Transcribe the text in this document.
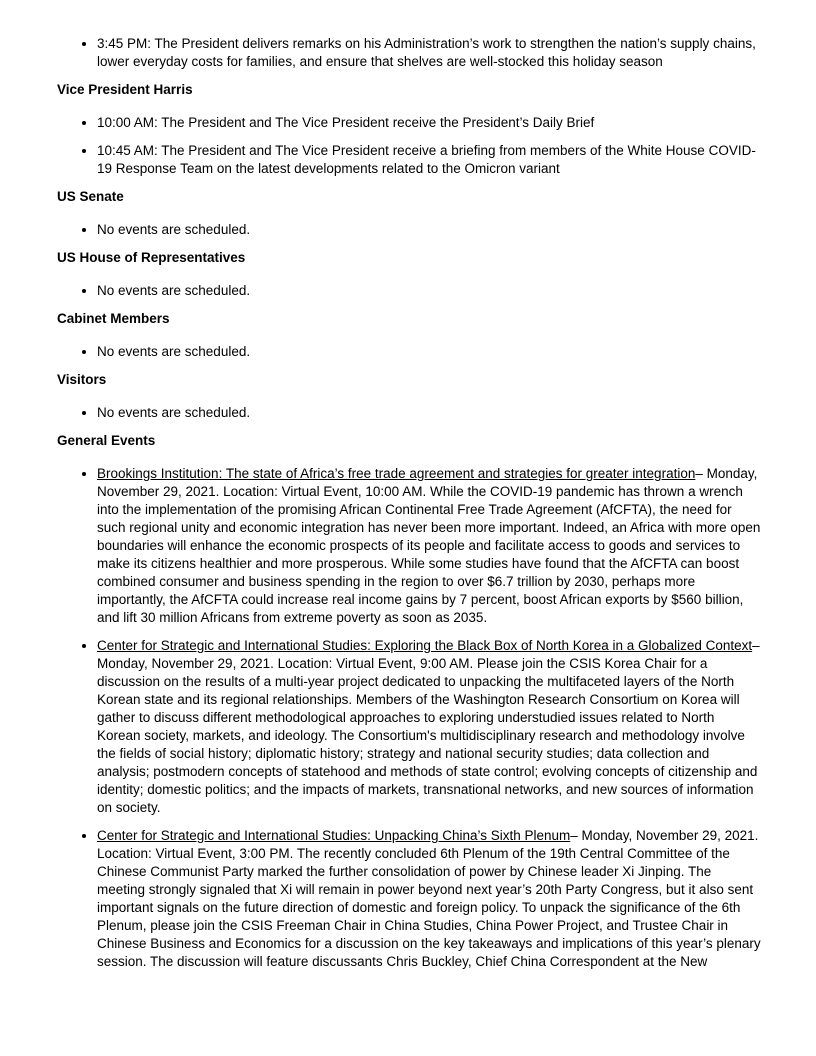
• 3:45 PM: The President delivers remarks on his Administration’s work to strengthen the nation’s supply chains, lower everyday costs for families, and ensure that shelves are well-stocked this holiday season
Vice President Harris
• 10:00 AM: The President and The Vice President receive the President’s Daily Brief
• 10:45 AM: The President and The Vice President receive a briefing from members of the White House COVID-19 Response Team on the latest developments related to the Omicron variant
US Senate
• No events are scheduled.
US House of Representatives
• No events are scheduled.
Cabinet Members
• No events are scheduled.
Visitors
• No events are scheduled.
General Events
• Brookings Institution: The state of Africa’s free trade agreement and strategies for greater integration– Monday, November 29, 2021. Location: Virtual Event, 10:00 AM. While the COVID-19 pandemic has thrown a wrench into the implementation of the promising African Continental Free Trade Agreement (AfCFTA), the need for such regional unity and economic integration has never been more important. Indeed, an Africa with more open boundaries will enhance the economic prospects of its people and facilitate access to goods and services to make its citizens healthier and more prosperous. While some studies have found that the AfCFTA can boost combined consumer and business spending in the region to over $6.7 trillion by 2030, perhaps more importantly, the AfCFTA could increase real income gains by 7 percent, boost African exports by $560 billion, and lift 30 million Africans from extreme poverty as soon as 2035.
• Center for Strategic and International Studies: Exploring the Black Box of North Korea in a Globalized Context– Monday, November 29, 2021. Location: Virtual Event, 9:00 AM. Please join the CSIS Korea Chair for a discussion on the results of a multi-year project dedicated to unpacking the multifaceted layers of the North Korean state and its regional relationships. Members of the Washington Research Consortium on Korea will gather to discuss different methodological approaches to exploring understudied issues related to North Korean society, markets, and ideology. The Consortium's multidisciplinary research and methodology involve the fields of social history; diplomatic history; strategy and national security studies; data collection and analysis; postmodern concepts of statehood and methods of state control; evolving concepts of citizenship and identity; domestic politics; and the impacts of markets, transnational networks, and new sources of information on society.
• Center for Strategic and International Studies: Unpacking China’s Sixth Plenum– Monday, November 29, 2021. Location: Virtual Event, 3:00 PM. The recently concluded 6th Plenum of the 19th Central Committee of the Chinese Communist Party marked the further consolidation of power by Chinese leader Xi Jinping. The meeting strongly signaled that Xi will remain in power beyond next year’s 20th Party Congress, but it also sent important signals on the future direction of domestic and foreign policy. To unpack the significance of the 6th Plenum, please join the CSIS Freeman Chair in China Studies, China Power Project, and Trustee Chair in Chinese Business and Economics for a discussion on the key takeaways and implications of this year’s plenary session. The discussion will feature discussants Chris Buckley, Chief China Correspondent at the New
